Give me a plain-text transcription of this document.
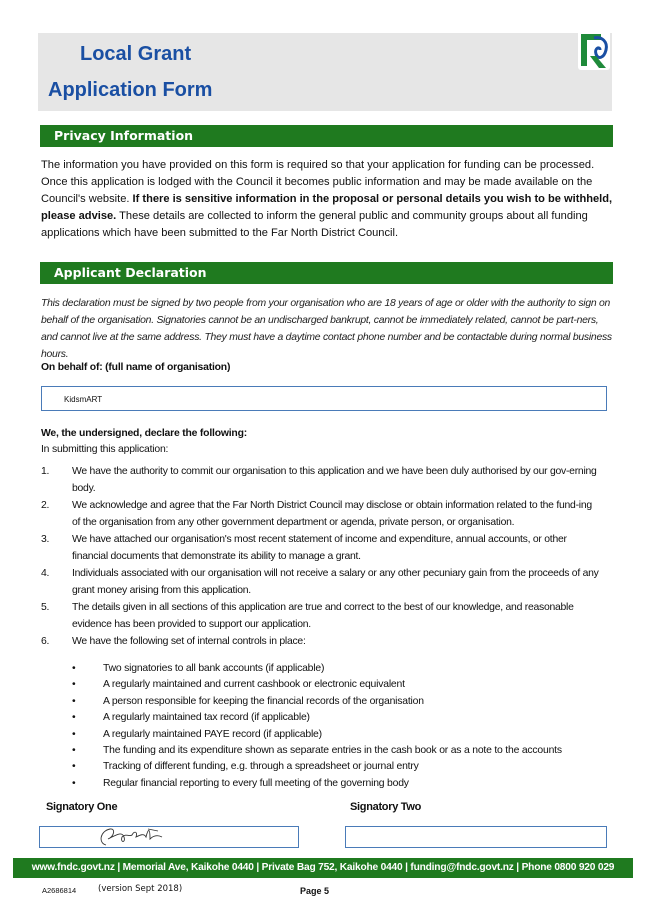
Local Grant
Application Form
Privacy Information
The information you have provided on this form is required so that your application for funding can be processed. Once this application is lodged with the Council it becomes public information and may be made available on the Council's website. If there is sensitive information in the proposal or personal details you wish to be withheld, please advise. These details are collected to inform the general public and community groups about all funding applications which have been submitted to the Far North District Council.
Applicant Declaration
This declaration must be signed by two people from your organisation who are 18 years of age or older with the authority to sign on behalf of the organisation. Signatories cannot be an undischarged bankrupt, cannot be immediately related, cannot be part-ners, and cannot live at the same address. They must have a daytime contact phone number and be contactable during normal business hours.
On behalf of: (full name of organisation)
KidsmART
We, the undersigned, declare the following:
In submitting this application:
1.	We have the authority to commit our organisation to this application and we have been duly authorised by our gov-erning body.
2.	We acknowledge and agree that the Far North District Council may disclose or obtain information related to the fund-ing of the organisation from any other government department or agenda, private person, or organisation.
3.	We have attached our organisation's most recent statement of income and expenditure, annual accounts, or other financial documents that demonstrate its ability to manage a grant.
4.	Individuals associated with our organisation will not receive a salary or any other pecuniary gain from the proceeds of any grant money arising from this application.
5.	The details given in all sections of this application are true and correct to the best of our knowledge, and reasonable evidence has been provided to support our application.
6.	We have the following set of internal controls in place:
•	Two signatories to all bank accounts (if applicable)
•	A regularly maintained and current cashbook or electronic equivalent
•	A person responsible for keeping the financial records of the organisation
•	A regularly maintained tax record (if applicable)
•	A regularly maintained PAYE record (if applicable)
•	The funding and its expenditure shown as separate entries in the cash book or as a note to the accounts
•	Tracking of different funding, e.g. through a spreadsheet or journal entry
•	Regular financial reporting to every full meeting of the governing body
Signatory One	Signatory Two
www.fndc.govt.nz | Memorial Ave, Kaikohe 0440 | Private Bag 752, Kaikohe 0440 | funding@fndc.govt.nz | Phone 0800 920 029
A2686814	(version Sept 2018)	Page 5
